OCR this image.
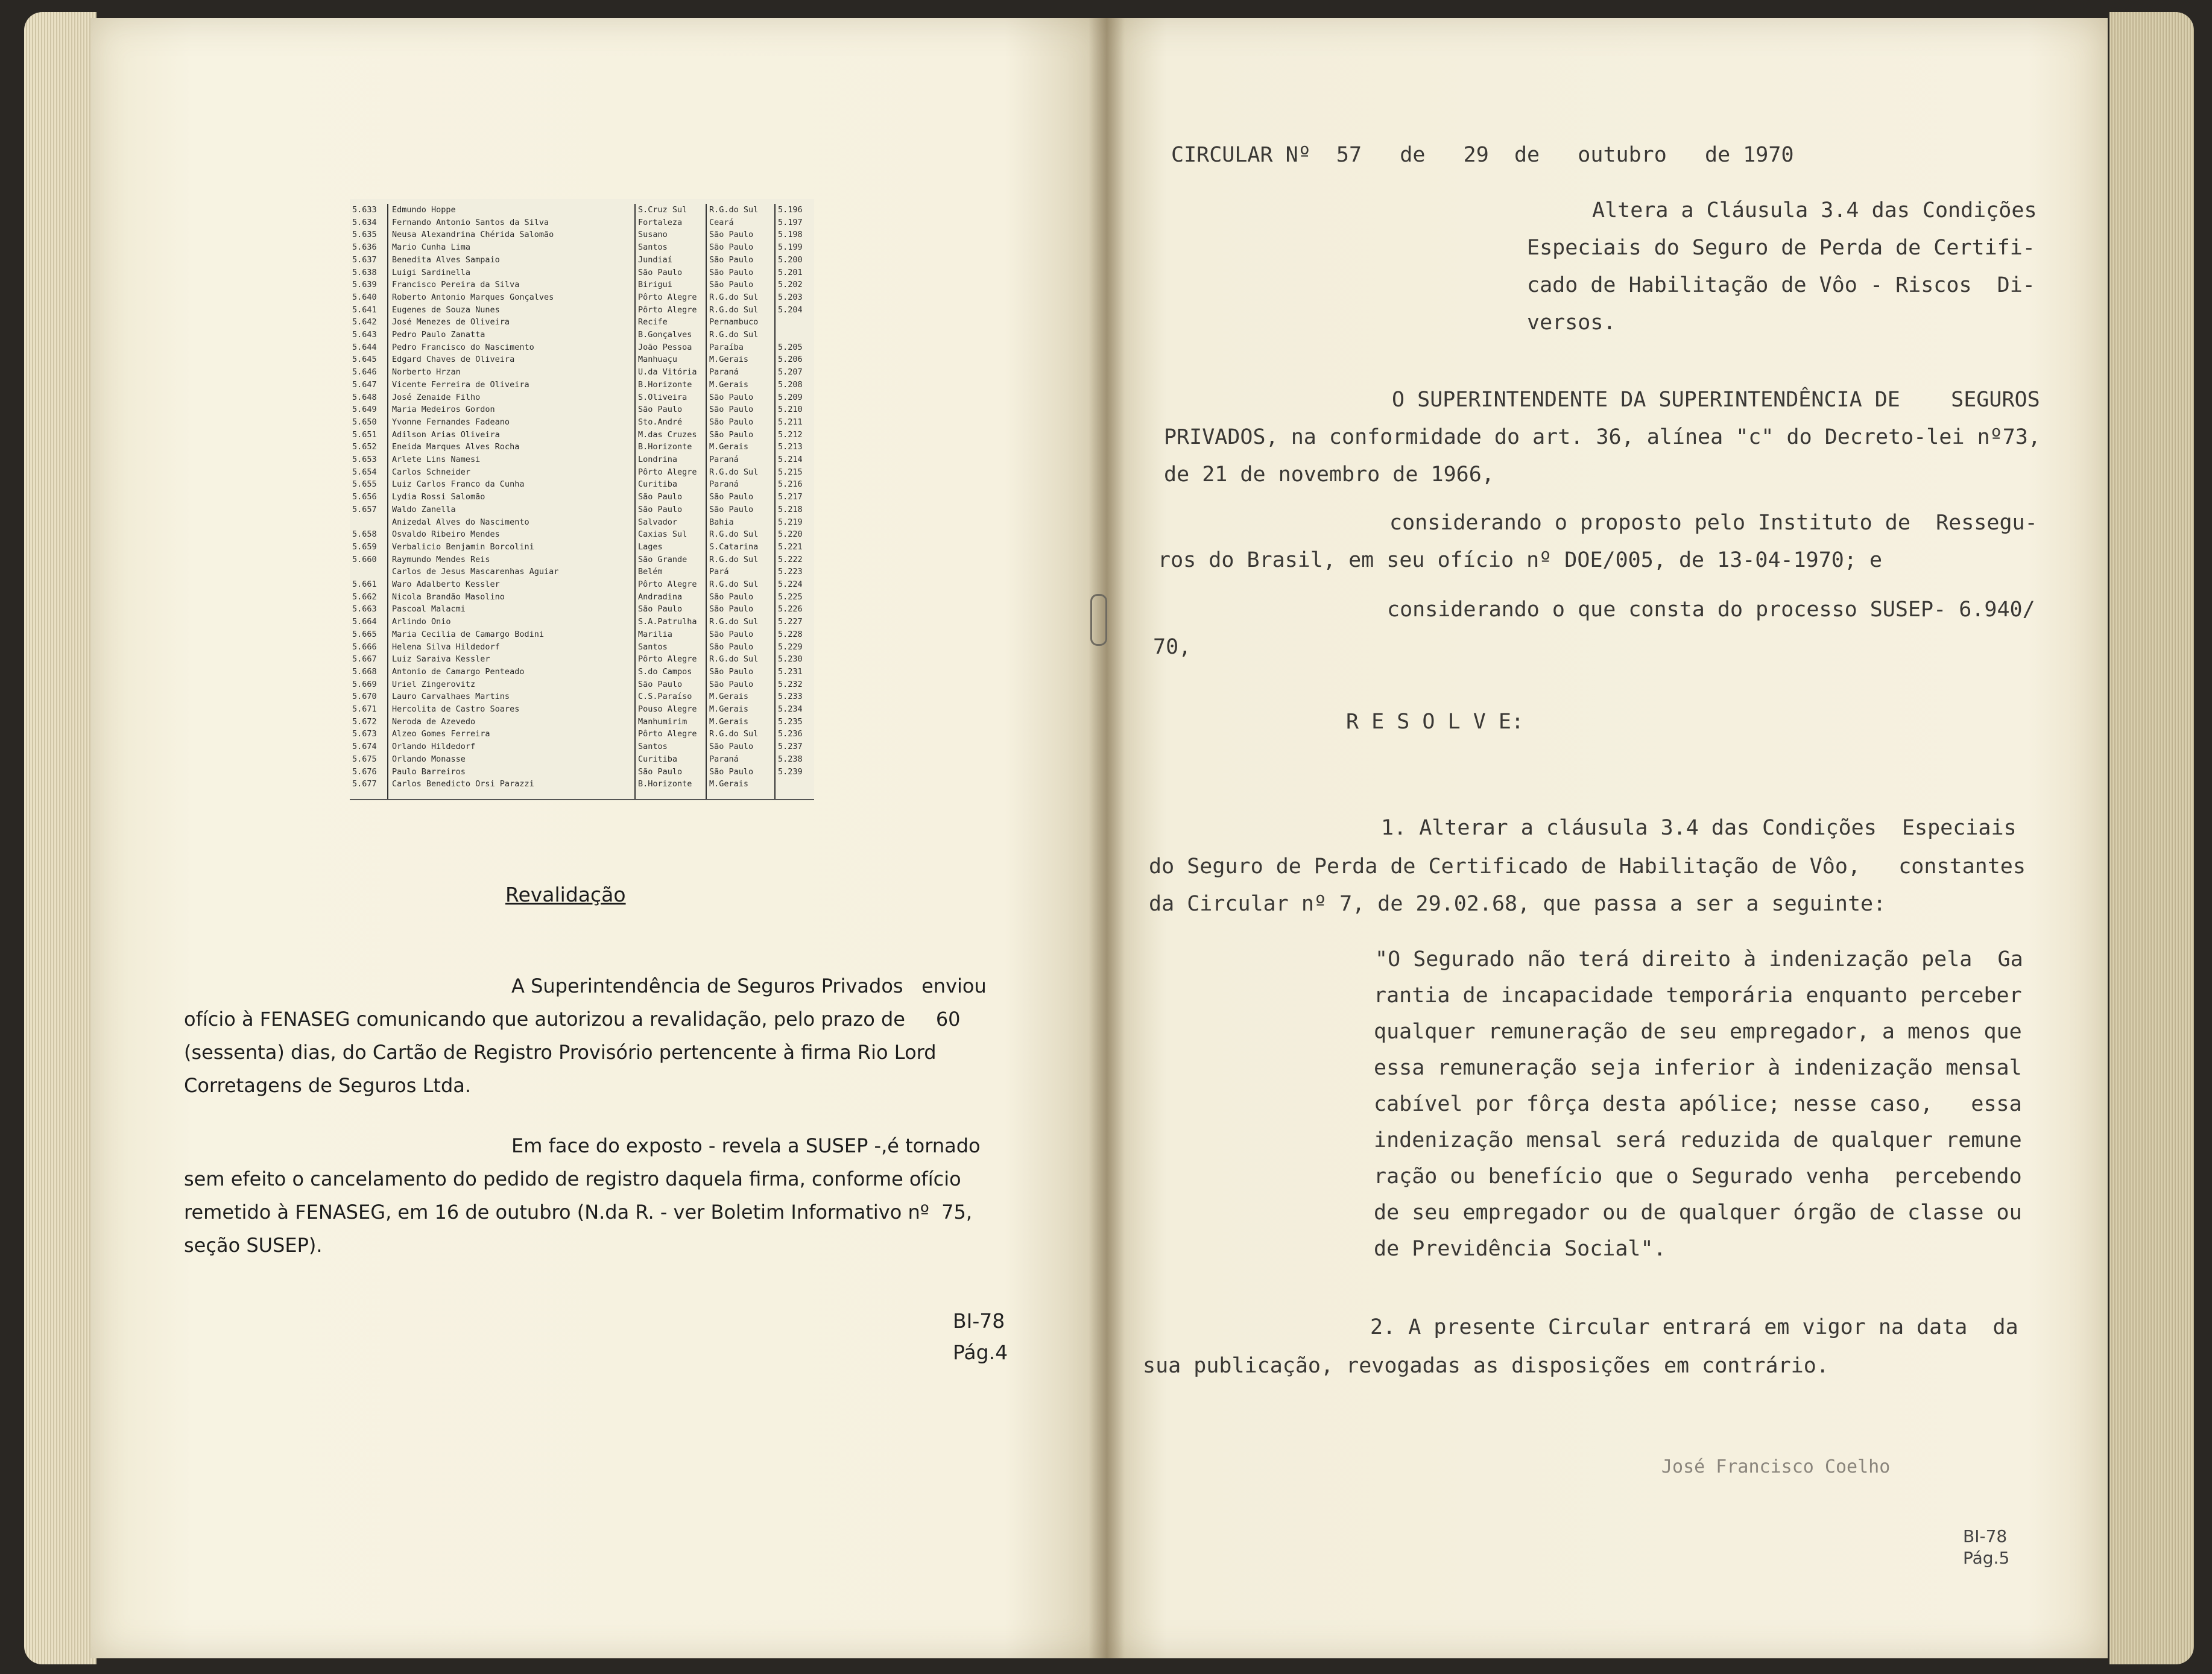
5.633	Edmundo Hoppe	S.Cruz Sul	R.G.do Sul	5.196
5.634	Fernando Antonio Santos da Silva	Fortaleza	Ceará	5.197
5.635	Neusa Alexandrina Chérida Salomão	Susano	São Paulo	5.198
5.636	Mario Cunha Lima	Santos	São Paulo	5.199
5.637	Benedita Alves Sampaio	Jundiaí	São Paulo	5.200
5.638	Luigi Sardinella	São Paulo	São Paulo	5.201
5.639	Francisco Pereira da Silva	Birigui	São Paulo	5.202
5.640	Roberto Antonio Marques Gonçalves	Pôrto Alegre	R.G.do Sul	5.203
5.641	Eugenes de Souza Nunes	Pôrto Alegre	R.G.do Sul	5.204
5.642	José Menezes de Oliveira	Recife	Pernambuco
5.643	Pedro Paulo Zanatta	B.Gonçalves	R.G.do Sul
5.644	Pedro Francisco do Nascimento	João Pessoa	Paraíba	5.205
5.645	Edgard Chaves de Oliveira	Manhuaçu	M.Gerais	5.206
5.646	Norberto Hrzan	U.da Vitória	Paraná	5.207
5.647	Vicente Ferreira de Oliveira	B.Horizonte	M.Gerais	5.208
5.648	José Zenaide Filho	S.Oliveira	São Paulo	5.209
5.649	Maria Medeiros Gordon	São Paulo	São Paulo	5.210
5.650	Yvonne Fernandes Fadeano	Sto.André	São Paulo	5.211
5.651	Adilson Arias Oliveira	M.das Cruzes	São Paulo	5.212
5.652	Eneida Marques Alves Rocha	B.Horizonte	M.Gerais	5.213
5.653	Arlete Lins Namesi	Londrina	Paraná	5.214
5.654	Carlos Schneider	Pôrto Alegre	R.G.do Sul	5.215
5.655	Luiz Carlos Franco da Cunha	Curitiba	Paraná	5.216
5.656	Lydia Rossi Salomão	São Paulo	São Paulo	5.217
5.657	Waldo Zanella	São Paulo	São Paulo	5.218
Anizedal Alves do Nascimento	Salvador	Bahia	5.219
5.658	Osvaldo Ribeiro Mendes	Caxias Sul	R.G.do Sul	5.220
5.659	Verbalicio Benjamin Borcolini	Lages	S.Catarina	5.221
5.660	Raymundo Mendes Reis	São Grande	R.G.do Sul	5.222
Carlos de Jesus Mascarenhas Aguiar	Belém	Pará	5.223
5.661	Waro Adalberto Kessler	Pôrto Alegre	R.G.do Sul	5.224
5.662	Nicola Brandão Masolino	Andradina	São Paulo	5.225
5.663	Pascoal Malacmi	São Paulo	São Paulo	5.226
5.664	Arlindo Onio	S.A.Patrulha	R.G.do Sul	5.227
5.665	Maria Cecilia de Camargo Bodini	Marilia	São Paulo	5.228
5.666	Helena Silva Hildedorf	Santos	São Paulo	5.229
5.667	Luiz Saraiva Kessler	Pôrto Alegre	R.G.do Sul	5.230
5.668	Antonio de Camargo Penteado	S.do Campos	São Paulo	5.231
5.669	Uriel Zingerovitz	São Paulo	São Paulo	5.232
5.670	Lauro Carvalhaes Martins	C.S.Paraíso	M.Gerais	5.233
5.671	Hercolita de Castro Soares	Pouso Alegre	M.Gerais	5.234
5.672	Neroda de Azevedo	Manhumirim	M.Gerais	5.235
5.673	Alzeo Gomes Ferreira	Pôrto Alegre	R.G.do Sul	5.236
5.674	Orlando Hildedorf	Santos	São Paulo	5.237
5.675	Orlando Monasse	Curitiba	Paraná	5.238
5.676	Paulo Barreiros	São Paulo	São Paulo	5.239
5.677	Carlos Benedicto Orsi Parazzi	B.Horizonte	M.Gerais
Revalidação
A Superintendência de Seguros Privados   enviou
ofício à FENASEG comunicando que autorizou a revalidação, pelo prazo de     60
(sessenta) dias, do Cartão de Registro Provisório pertencente à firma Rio Lord
Corretagens de Seguros Ltda.
Em face do exposto - revela a SUSEP -,é tornado
sem efeito o cancelamento do pedido de registro daquela firma, conforme ofício
remetido à FENASEG, em 16 de outubro (N.da R. - ver Boletim Informativo nº  75,
seção SUSEP).
BI-78
Pág.4
CIRCULAR Nº  57   de   29  de   outubro   de 1970
Altera a Cláusula 3.4 das Condições
Especiais do Seguro de Perda de Certifi-
cado de Habilitação de Vôo - Riscos  Di-
versos.
O SUPERINTENDENTE DA SUPERINTENDÊNCIA DE    SEGUROS
PRIVADOS, na conformidade do art. 36, alínea "c" do Decreto-lei nº73,
de 21 de novembro de 1966,
considerando o proposto pelo Instituto de  Ressegu-
ros do Brasil, em seu ofício nº DOE/005, de 13-04-1970; e
considerando o que consta do processo SUSEP- 6.940/
70,
R E S O L V E:
1. Alterar a cláusula 3.4 das Condições  Especiais
do Seguro de Perda de Certificado de Habilitação de Vôo,   constantes
da Circular nº 7, de 29.02.68, que passa a ser a seguinte:
"O Segurado não terá direito à indenização pela  Ga
rantia de incapacidade temporária enquanto perceber
qualquer remuneração de seu empregador, a menos que
essa remuneração seja inferior à indenização mensal
cabível por fôrça desta apólice; nesse caso,   essa
indenização mensal será reduzida de qualquer remune
ração ou benefício que o Segurado venha  percebendo
de seu empregador ou de qualquer órgão de classe ou
de Previdência Social".
2. A presente Circular entrará em vigor na data  da
sua publicação, revogadas as disposições em contrário.
José Francisco Coelho
BI-78
Pág.5
